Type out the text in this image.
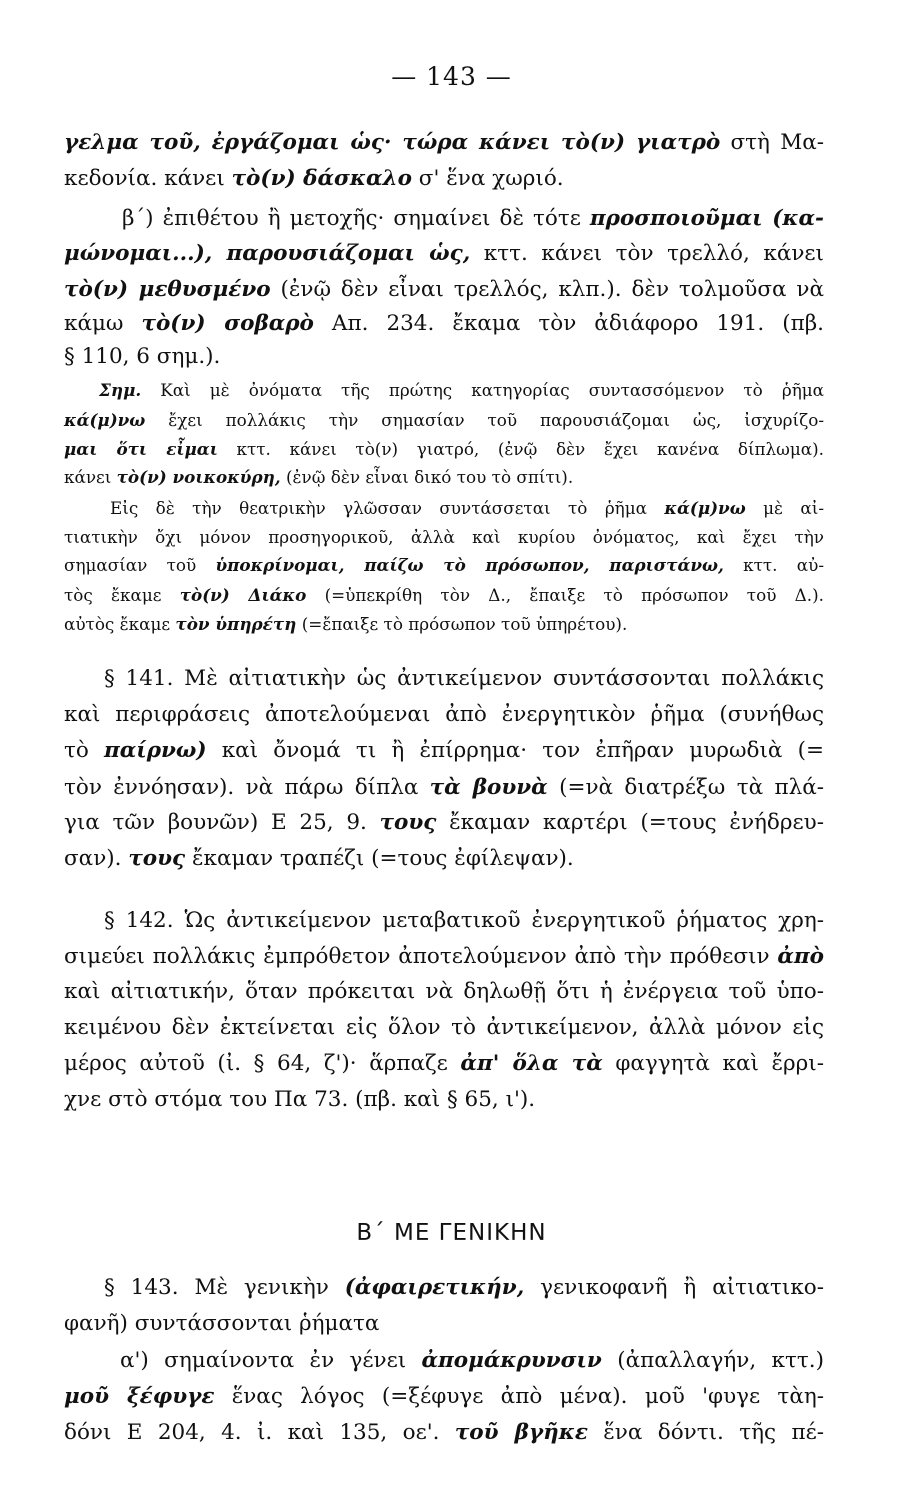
— 143 —
γελμα τοῦ, ἐργάζομαι ὡς· τώρα κάνει τὸ(ν) γιατρὸ στὴ Μα-
κεδονία. κάνει τὸ(ν) δάσκαλο σ' ἕνα χωριό.
β΄) ἐπιθέτου ἢ μετοχῆς· σημαίνει δὲ τότε προσποιοῦμαι (κα-
μώνομαι...), παρουσιάζομαι ὡς, κττ. κάνει τὸν τρελλό, κάνει
τὸ(ν) μεθυσμένο (ἐνῷ δὲν εἶναι τρελλός, κλπ.). δὲν τολμοῦσα νὰ
κάμω τὸ(ν) σοβαρὸ Απ. 234. ἔκαμα τὸν ἀδιάφορο 191. (πβ.
§ 110, 6 σημ.).
Σημ. Καὶ μὲ ὀνόματα τῆς πρώτης κατηγορίας συντασσόμενον τὸ ῥῆμα
κά(μ)νω ἔχει πολλάκις τὴν σημασίαν τοῦ παρουσιάζομαι ὡς, ἰσχυρίζο-
μαι ὅτι εἶμαι κττ. κάνει τὸ(ν) γιατρό, (ἐνῷ δὲν ἔχει κανένα δίπλωμα).
κάνει τὸ(ν) νοικοκύρη, (ἐνῷ δὲν εἶναι δικό του τὸ σπίτι).
Εἰς δὲ τὴν θεατρικὴν γλῶσσαν συντάσσεται τὸ ῥῆμα κά(μ)νω μὲ αἰ-
τιατικὴν ὄχι μόνον προσηγορικοῦ, ἀλλὰ καὶ κυρίου ὀνόματος, καὶ ἔχει τὴν
σημασίαν τοῦ ὑποκρίνομαι, παίζω τὸ πρόσωπον, παριστάνω, κττ. αὐ-
τὸς ἔκαμε τὸ(ν) Διάκο (=ὑπεκρίθη τὸν Δ., ἔπαιξε τὸ πρόσωπον τοῦ Δ.).
αὐτὸς ἔκαμε τὸν ὑπηρέτη (=ἔπαιξε τὸ πρόσωπον τοῦ ὑπηρέτου).
§ 141. Μὲ αἰτιατικὴν ὡς ἀντικείμενον συντάσσονται πολλάκις
καὶ περιφράσεις ἀποτελούμεναι ἀπὸ ἐνεργητικὸν ῥῆμα (συνήθως
τὸ παίρνω) καὶ ὄνομά τι ἢ ἐπίρρημα· τον ἐπῆραν μυρωδιὰ (=
τὸν ἐννόησαν). νὰ πάρω δίπλα τὰ βουνὰ (=νὰ διατρέξω τὰ πλά-
για τῶν βουνῶν) Ε 25, 9. τους ἔκαμαν καρτέρι (=τους ἐνήδρευ-
σαν). τους ἔκαμαν τραπέζι (=τους ἐφίλεψαν).
§ 142. Ὡς ἀντικείμενον μεταβατικοῦ ἐνεργητικοῦ ῥήματος χρη-
σιμεύει πολλάκις ἐμπρόθετον ἀποτελούμενον ἀπὸ τὴν πρόθεσιν ἀπὸ
καὶ αἰτιατικήν, ὅταν πρόκειται νὰ δηλωθῇ ὅτι ἡ ἐνέργεια τοῦ ὑπο-
κειμένου δὲν ἐκτείνεται εἰς ὅλον τὸ ἀντικείμενον, ἀλλὰ μόνον εἰς
μέρος αὐτοῦ (ἰ. § 64, ζ')· ἅρπαζε ἀπ' ὅλα τὰ φαγγητὰ καὶ ἔρρι-
χνε στὸ στόμα του Πα 73. (πβ. καὶ § 65, ι').
Β΄ ΜΕ ΓΕΝΙΚΗΝ
§ 143. Μὲ γενικὴν (ἀφαιρετικήν, γενικοφανῆ ἢ αἰτιατικο-
φανῆ) συντάσσονται ῥήματα
α') σημαίνοντα ἐν γένει ἀπομάκρυνσιν (ἀπαλλαγήν, κττ.)
μοῦ ξέφυγε ἕνας λόγος (=ξέφυγε ἀπὸ μένα). μοῦ 'φυγε τὰη-
δόνι Ε 204, 4. ἰ. καὶ 135, οε'. τοῦ βγῆκε ἕνα δόντι. τῆς πέ-
